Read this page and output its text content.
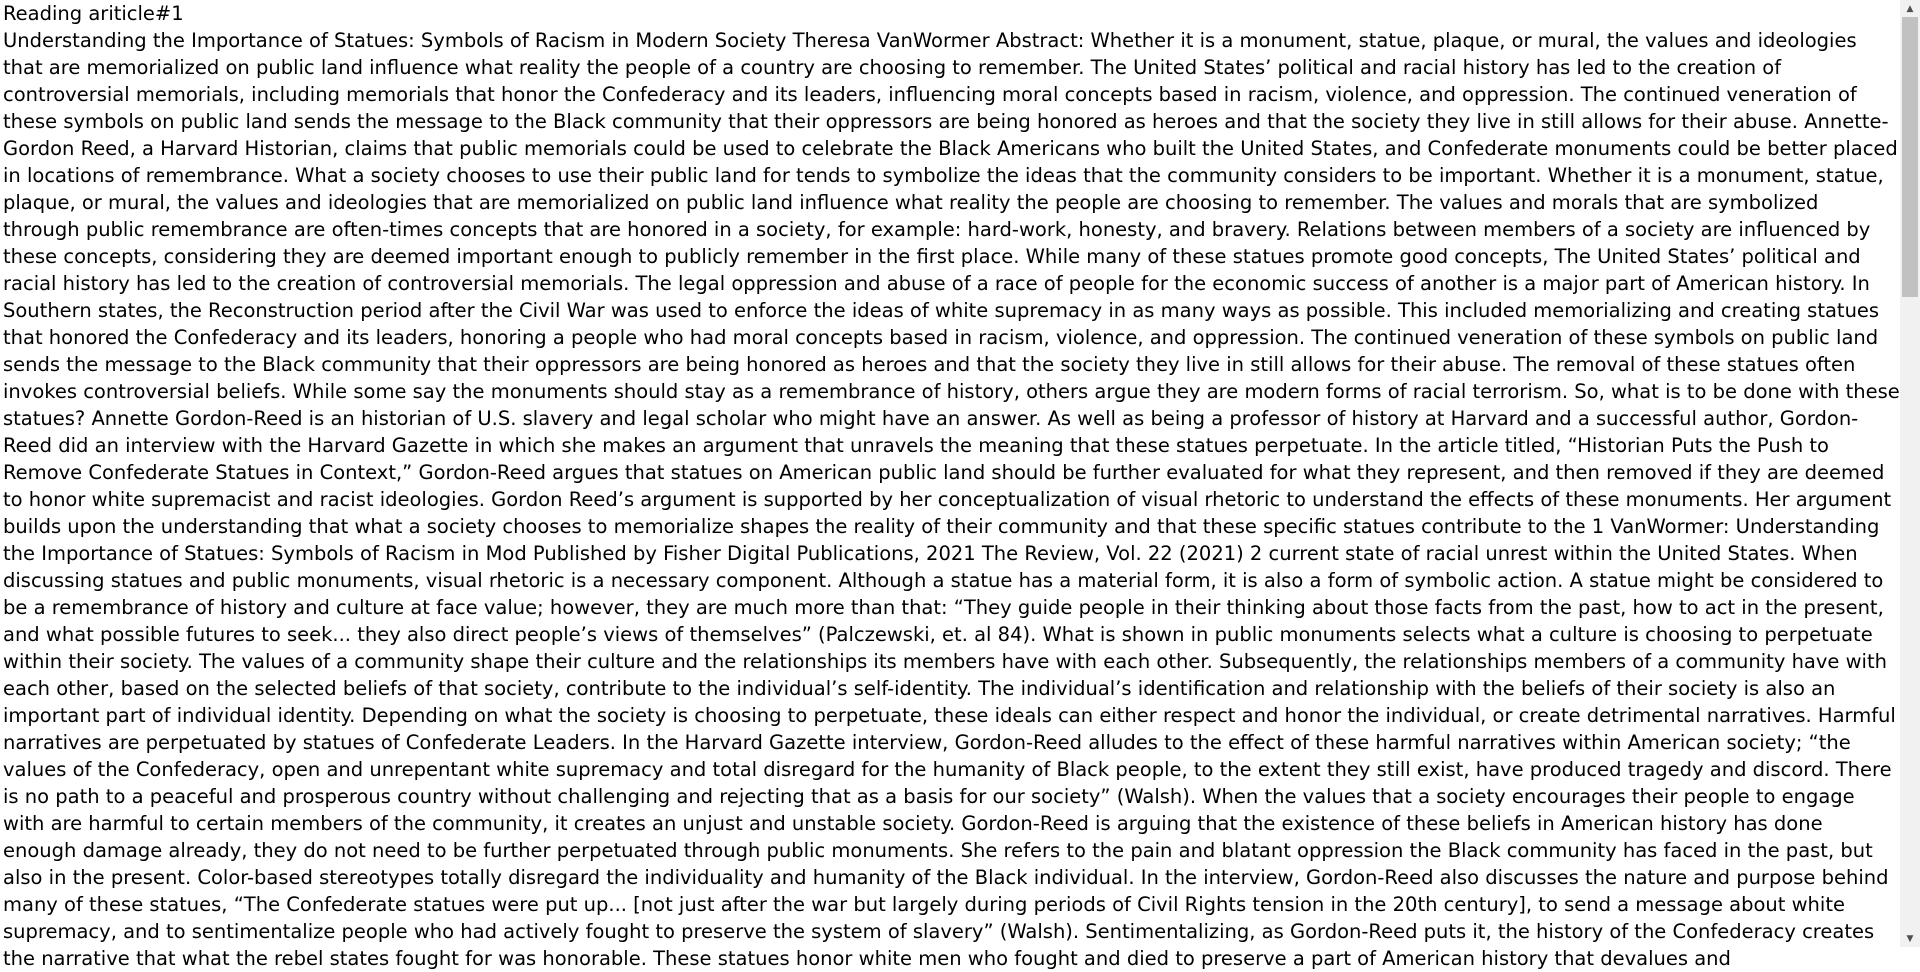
Reading ariticle#1
Understanding the Importance of Statues: Symbols of Racism in Modern Society Theresa VanWormer Abstract: Whether it is a monument, statue, plaque, or mural, the values and ideologies that are memorialized on public land influence what reality the people of a country are choosing to remember. The United States’ political and racial history has led to the creation of controversial memorials, including memorials that honor the Confederacy and its leaders, influencing moral concepts based in racism, violence, and oppression. The continued veneration of these symbols on public land sends the message to the Black community that their oppressors are being honored as heroes and that the society they live in still allows for their abuse. Annette-Gordon Reed, a Harvard Historian, claims that public memorials could be used to celebrate the Black Americans who built the United States, and Confederate monuments could be better placed in locations of remembrance. What a society chooses to use their public land for tends to symbolize the ideas that the community considers to be important. Whether it is a monument, statue, plaque, or mural, the values and ideologies that are memorialized on public land influence what reality the people are choosing to remember. The values and morals that are symbolized through public remembrance are often-times concepts that are honored in a society, for example: hard-work, honesty, and bravery. Relations between members of a society are influenced by these concepts, considering they are deemed important enough to publicly remember in the first place. While many of these statues promote good concepts, The United States’ political and racial history has led to the creation of controversial memorials. The legal oppression and abuse of a race of people for the economic success of another is a major part of American history. In Southern states, the Reconstruction period after the Civil War was used to enforce the ideas of white supremacy in as many ways as possible. This included memorializing and creating statues that honored the Confederacy and its leaders, honoring a people who had moral concepts based in racism, violence, and oppression. The continued veneration of these symbols on public land sends the message to the Black community that their oppressors are being honored as heroes and that the society they live in still allows for their abuse. The removal of these statues often invokes controversial beliefs. While some say the monuments should stay as a remembrance of history, others argue they are modern forms of racial terrorism. So, what is to be done with these statues? Annette Gordon-Reed is an historian of U.S. slavery and legal scholar who might have an answer. As well as being a professor of history at Harvard and a successful author, Gordon-Reed did an interview with the Harvard Gazette in which she makes an argument that unravels the meaning that these statues perpetuate. In the article titled, “Historian Puts the Push to Remove Confederate Statues in Context,” Gordon-Reed argues that statues on American public land should be further evaluated for what they represent, and then removed if they are deemed to honor white supremacist and racist ideologies. Gordon Reed’s argument is supported by her conceptualization of visual rhetoric to understand the effects of these monuments. Her argument builds upon the understanding that what a society chooses to memorialize shapes the reality of their community and that these specific statues contribute to the 1 VanWormer: Understanding the Importance of Statues: Symbols of Racism in Mod Published by Fisher Digital Publications, 2021 The Review, Vol. 22 (2021) 2 current state of racial unrest within the United States. When discussing statues and public monuments, visual rhetoric is a necessary component. Although a statue has a material form, it is also a form of symbolic action. A statue might be considered to be a remembrance of history and culture at face value; however, they are much more than that: “They guide people in their thinking about those facts from the past, how to act in the present, and what possible futures to seek... they also direct people’s views of themselves” (Palczewski, et. al 84). What is shown in public monuments selects what a culture is choosing to perpetuate within their society. The values of a community shape their culture and the relationships its members have with each other. Subsequently, the relationships members of a community have with each other, based on the selected beliefs of that society, contribute to the individual’s self-identity. The individual’s identification and relationship with the beliefs of their society is also an important part of individual identity. Depending on what the society is choosing to perpetuate, these ideals can either respect and honor the individual, or create detrimental narratives. Harmful narratives are perpetuated by statues of Confederate Leaders. In the Harvard Gazette interview, Gordon-Reed alludes to the effect of these harmful narratives within American society; “the values of the Confederacy, open and unrepentant white supremacy and total disregard for the humanity of Black people, to the extent they still exist, have produced tragedy and discord. There is no path to a peaceful and prosperous country without challenging and rejecting that as a basis for our society” (Walsh). When the values that a society encourages their people to engage with are harmful to certain members of the community, it creates an unjust and unstable society. Gordon-Reed is arguing that the existence of these beliefs in American history has done enough damage already, they do not need to be further perpetuated through public monuments. She refers to the pain and blatant oppression the Black community has faced in the past, but also in the present. Color-based stereotypes totally disregard the individuality and humanity of the Black individual. In the interview, Gordon-Reed also discusses the nature and purpose behind many of these statues, “The Confederate statues were put up... [not just after the war but largely during periods of Civil Rights tension in the 20th century], to send a message about white supremacy, and to sentimentalize people who had actively fought to preserve the system of slavery” (Walsh). Sentimentalizing, as Gordon-Reed puts it, the history of the Confederacy creates the narrative that what the rebel states fought for was honorable. These statues honor white men who fought and died to preserve a part of American history that devalues and
▲
▼
